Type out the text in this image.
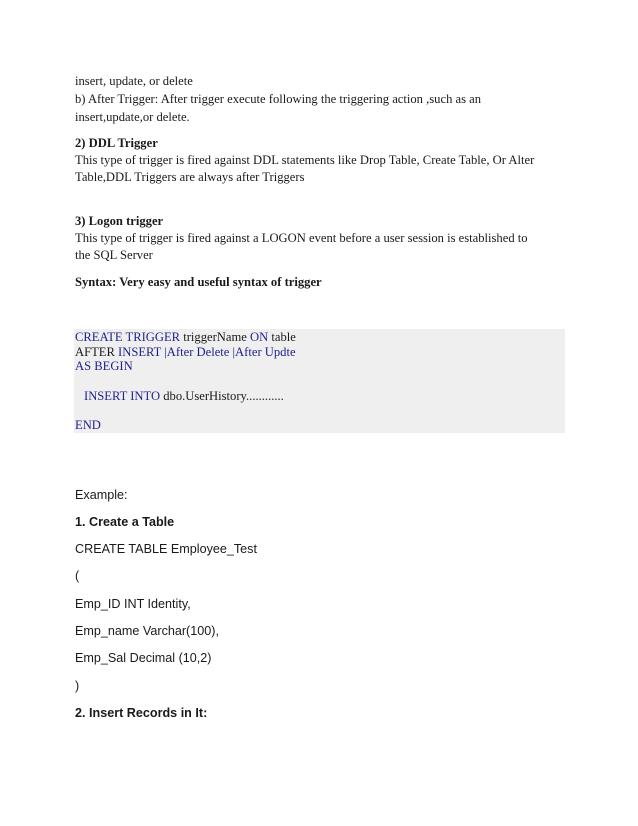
insert, update, or delete
b) After Trigger: After trigger execute following the triggering action ,such as an
insert,update,or delete.
2) DDL Trigger
This type of trigger is fired against DDL statements like Drop Table, Create Table, Or Alter
Table,DDL Triggers are always after Triggers
3) Logon trigger
This type of trigger is fired against a LOGON event before a user session is established to
the SQL Server
Syntax: Very easy and useful syntax of trigger
CREATE TRIGGER triggerName ON table
AFTER INSERT |After Delete |After Updte
AS BEGIN
INSERT INTO dbo.UserHistory............
END
Example:
1. Create a Table
CREATE TABLE Employee_Test
(
Emp_ID INT Identity,
Emp_name Varchar(100),
Emp_Sal Decimal (10,2)
)
2. Insert Records in It:
